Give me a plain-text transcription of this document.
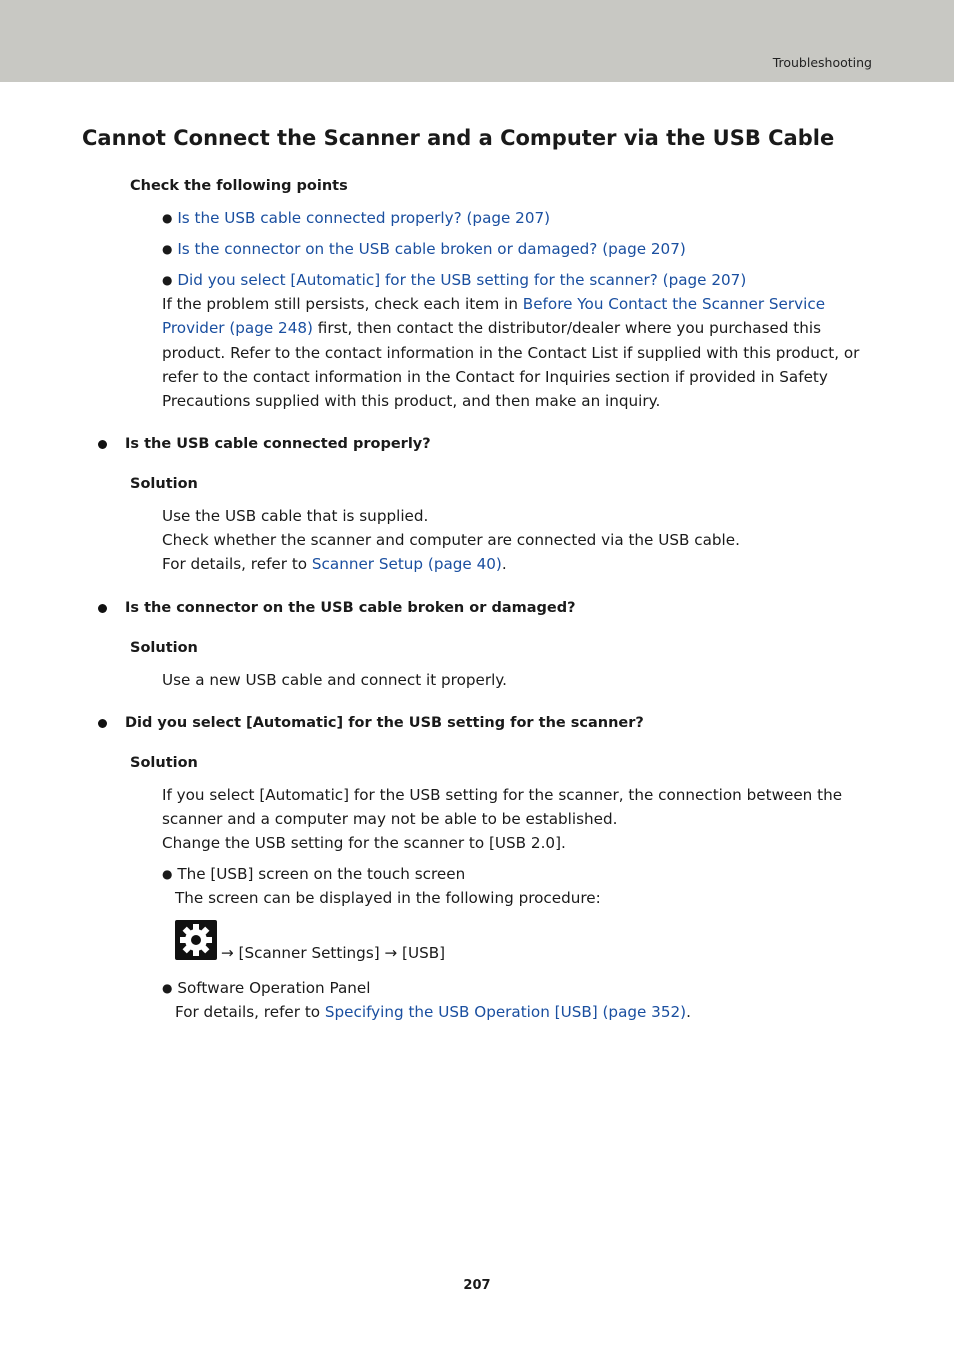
Troubleshooting
Cannot Connect the Scanner and a Computer via the USB Cable
Check the following points
● Is the USB cable connected properly? (page 207)
● Is the connector on the USB cable broken or damaged? (page 207)
● Did you select [Automatic] for the USB setting for the scanner? (page 207)
If the problem still persists, check each item in Before You Contact the Scanner Service Provider (page 248) first, then contact the distributor/dealer where you purchased this product. Refer to the contact information in the Contact List if supplied with this product, or refer to the contact information in the Contact for Inquiries section if provided in Safety Precautions supplied with this product, and then make an inquiry.
Is the USB cable connected properly?
Solution
Use the USB cable that is supplied.
Check whether the scanner and computer are connected via the USB cable.
For details, refer to Scanner Setup (page 40).
Is the connector on the USB cable broken or damaged?
Solution
Use a new USB cable and connect it properly.
Did you select [Automatic] for the USB setting for the scanner?
Solution
If you select [Automatic] for the USB setting for the scanner, the connection between the scanner and a computer may not be able to be established.
Change the USB setting for the scanner to [USB 2.0].
● The [USB] screen on the touch screen
The screen can be displayed in the following procedure:
→ [Scanner Settings] → [USB]
● Software Operation Panel
For details, refer to Specifying the USB Operation [USB] (page 352).
207
